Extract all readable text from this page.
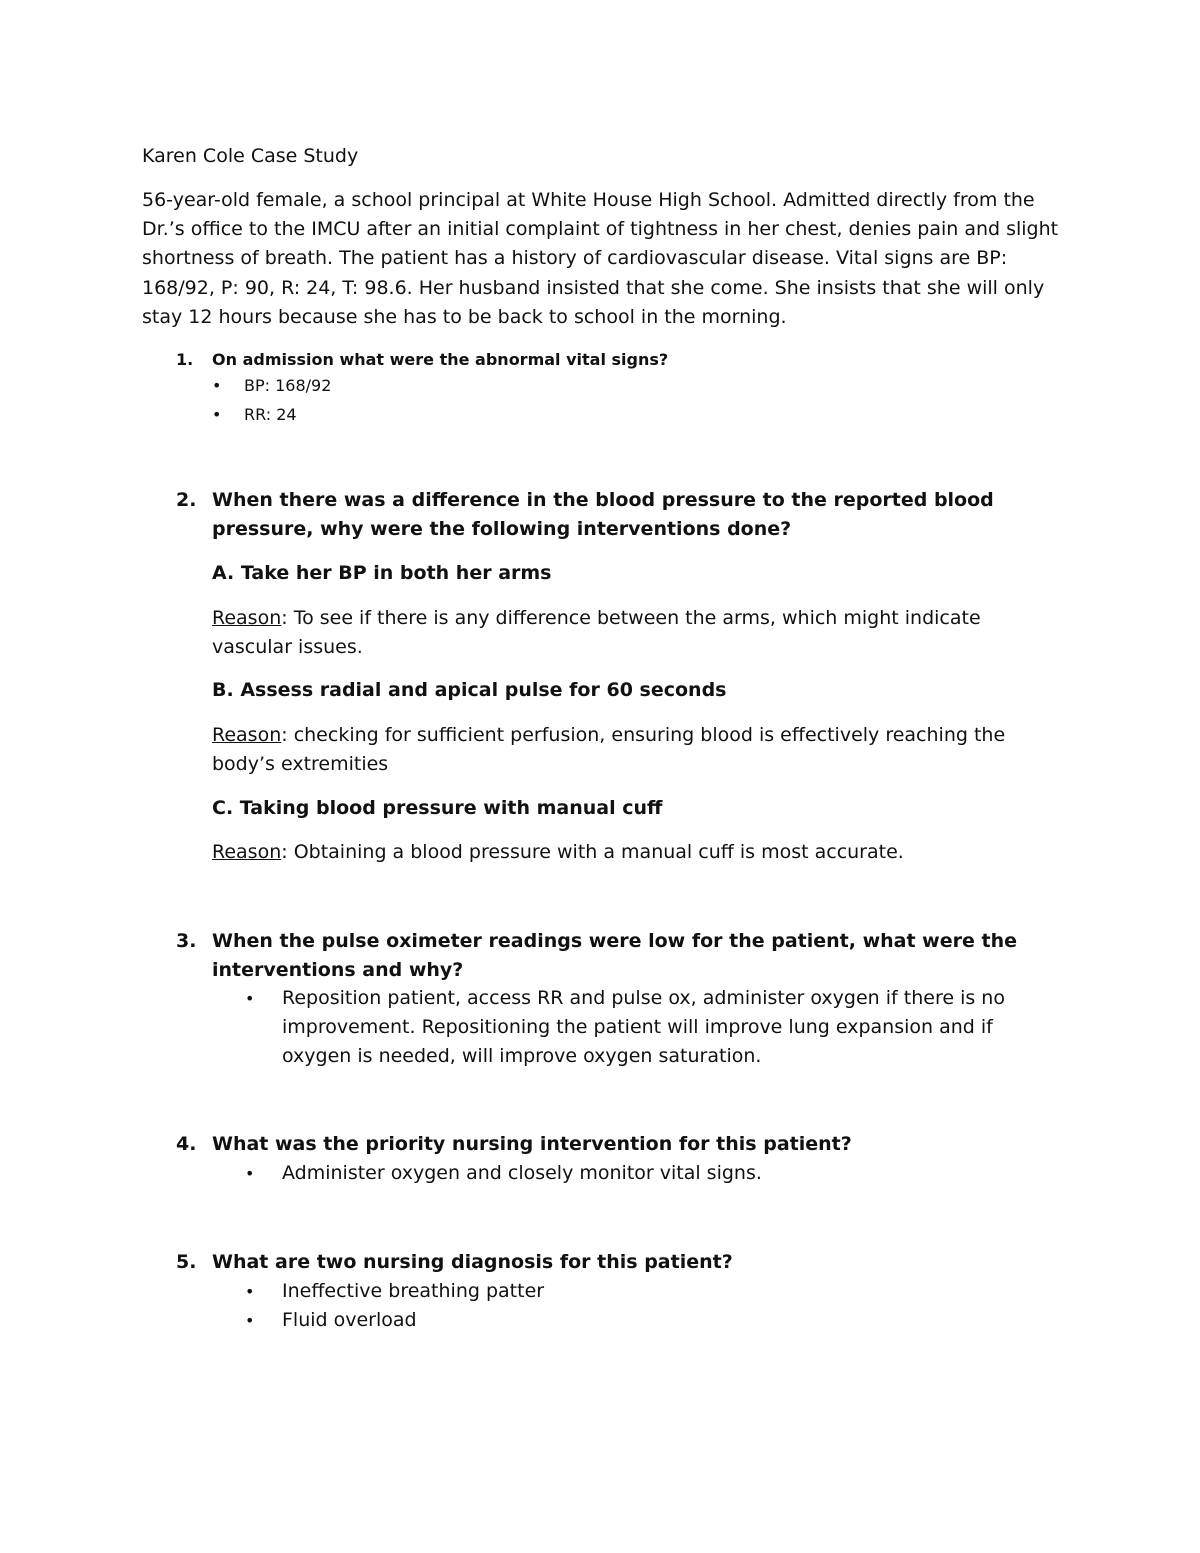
Karen Cole Case Study
56-year-old female, a school principal at White House High School. Admitted directly from the Dr.’s office to the IMCU after an initial complaint of tightness in her chest, denies pain and slight shortness of breath. The patient has a history of cardiovascular disease. Vital signs are BP: 168/92, P: 90, R: 24, T: 98.6. Her husband insisted that she come. She insists that she will only stay 12 hours because she has to be back to school in the morning.
1.	On admission what were the abnormal vital signs?
• BP: 168/92
• RR: 24
2. When there was a difference in the blood pressure to the reported blood pressure, why were the following interventions done?
A. Take her BP in both her arms
Reason: To see if there is any difference between the arms, which might indicate vascular issues.
B. Assess radial and apical pulse for 60 seconds
Reason: checking for sufficient perfusion, ensuring blood is effectively reaching the body’s extremities
C. Taking blood pressure with manual cuff
Reason: Obtaining a blood pressure with a manual cuff is most accurate.
3. When the pulse oximeter readings were low for the patient, what were the interventions and why?
• Reposition patient, access RR and pulse ox, administer oxygen if there is no improvement. Repositioning the patient will improve lung expansion and if oxygen is needed, will improve oxygen saturation.
4. What was the priority nursing intervention for this patient?
• Administer oxygen and closely monitor vital signs.
5. What are two nursing diagnosis for this patient?
• Ineffective breathing patter
• Fluid overload
